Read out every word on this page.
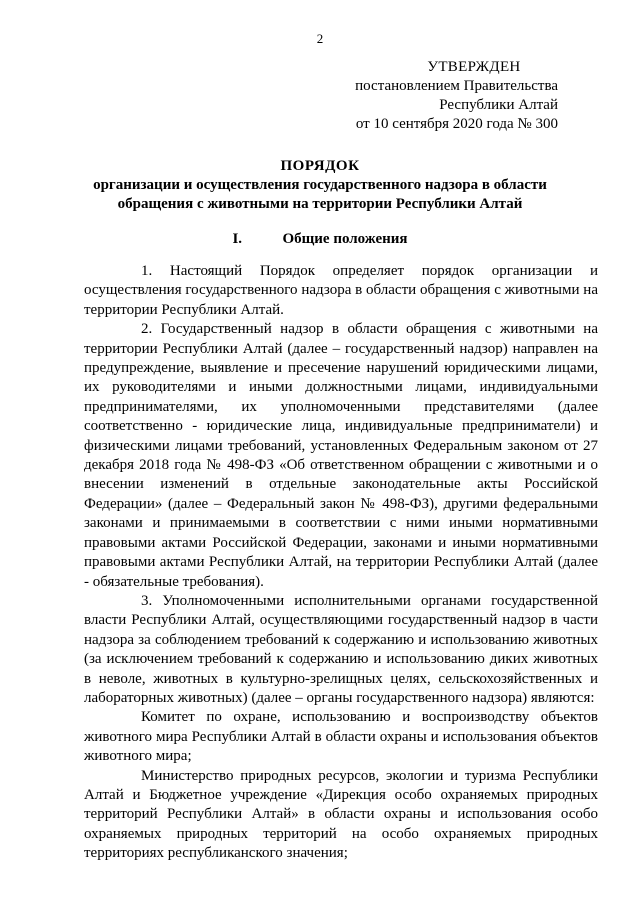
2
УТВЕРЖДЕН
постановлением Правительства
Республики Алтай
от 10 сентября 2020 года № 300
ПОРЯДОК
организации и осуществления государственного надзора в области обращения с животными на территории Республики Алтай
I.	Общие положения

1. Настоящий Порядок определяет порядок организации и осуществления государственного надзора в области обращения с животными на территории Республики Алтай.

2. Государственный надзор в области обращения с животными на территории Республики Алтай (далее – государственный надзор) направлен на предупреждение, выявление и пресечение нарушений юридическими лицами, их руководителями и иными должностными лицами, индивидуальными предпринимателями, их уполномоченными представителями (далее соответственно - юридические лица, индивидуальные предприниматели) и физическими лицами требований, установленных Федеральным законом от 27 декабря 2018 года № 498-ФЗ «Об ответственном обращении с животными и о внесении изменений в отдельные законодательные акты Российской Федерации» (далее – Федеральный закон № 498-ФЗ), другими федеральными законами и принимаемыми в соответствии с ними иными нормативными правовыми актами Российской Федерации, законами и иными нормативными правовыми актами Республики Алтай, на территории Республики Алтай (далее - обязательные требования).

3. Уполномоченными исполнительными органами государственной власти Республики Алтай, осуществляющими государственный надзор в части надзора за соблюдением требований к содержанию и использованию животных (за исключением требований к содержанию и использованию диких животных в неволе, животных в культурно-зрелищных целях, сельскохозяйственных и лабораторных животных) (далее – органы государственного надзора) являются:

Комитет по охране, использованию и воспроизводству объектов животного мира Республики Алтай в области охраны и использования объектов животного мира;

Министерство природных ресурсов, экологии и туризма Республики Алтай и Бюджетное учреждение «Дирекция особо охраняемых природных территорий Республики Алтай» в области охраны и использования особо охраняемых природных территорий на особо охраняемых природных территориях республиканского значения;
